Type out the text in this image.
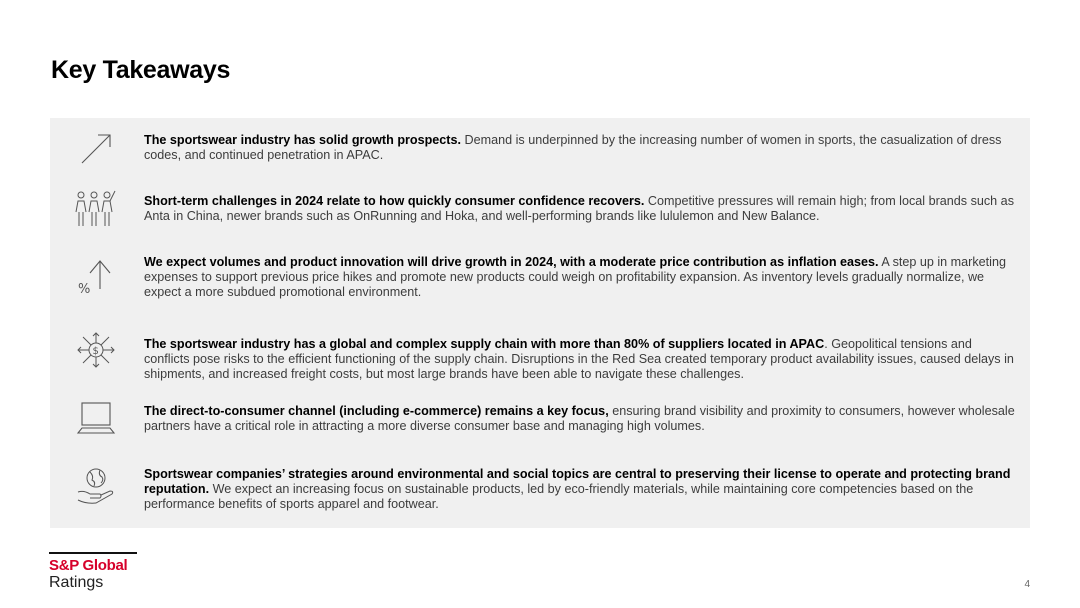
Key Takeaways
The sportswear industry has solid growth prospects. Demand is underpinned by the increasing number of women in sports, the casualization of dress codes, and continued penetration in APAC.
Short-term challenges in 2024 relate to how quickly consumer confidence recovers. Competitive pressures will remain high; from local brands such as Anta in China, newer brands such as OnRunning and Hoka, and well-performing brands like lululemon and New Balance.
%
We expect volumes and product innovation will drive growth in 2024, with a moderate price contribution as inflation eases. A step up in marketing expenses to support previous price hikes and promote new products could weigh on profitability expansion. As inventory levels gradually normalize, we expect a more subdued promotional environment.
$
The sportswear industry has a global and complex supply chain with more than 80% of suppliers located in APAC. Geopolitical tensions and conflicts pose risks to the efficient functioning of the supply chain. Disruptions in the Red Sea created temporary product availability issues, caused delays in shipments, and increased freight costs, but most large brands have been able to navigate these challenges.
The direct-to-consumer channel (including e-commerce) remains a key focus, ensuring brand visibility and proximity to consumers, however wholesale partners have a critical role in attracting a more diverse consumer base and managing high volumes.
Sportswear companies’ strategies around environmental and social topics are central to preserving their license to operate and protecting brand reputation. We expect an increasing focus on sustainable products, led by eco-friendly materials, while maintaining core competencies based on the performance benefits of sports apparel and footwear.
S&P Global
Ratings	4
